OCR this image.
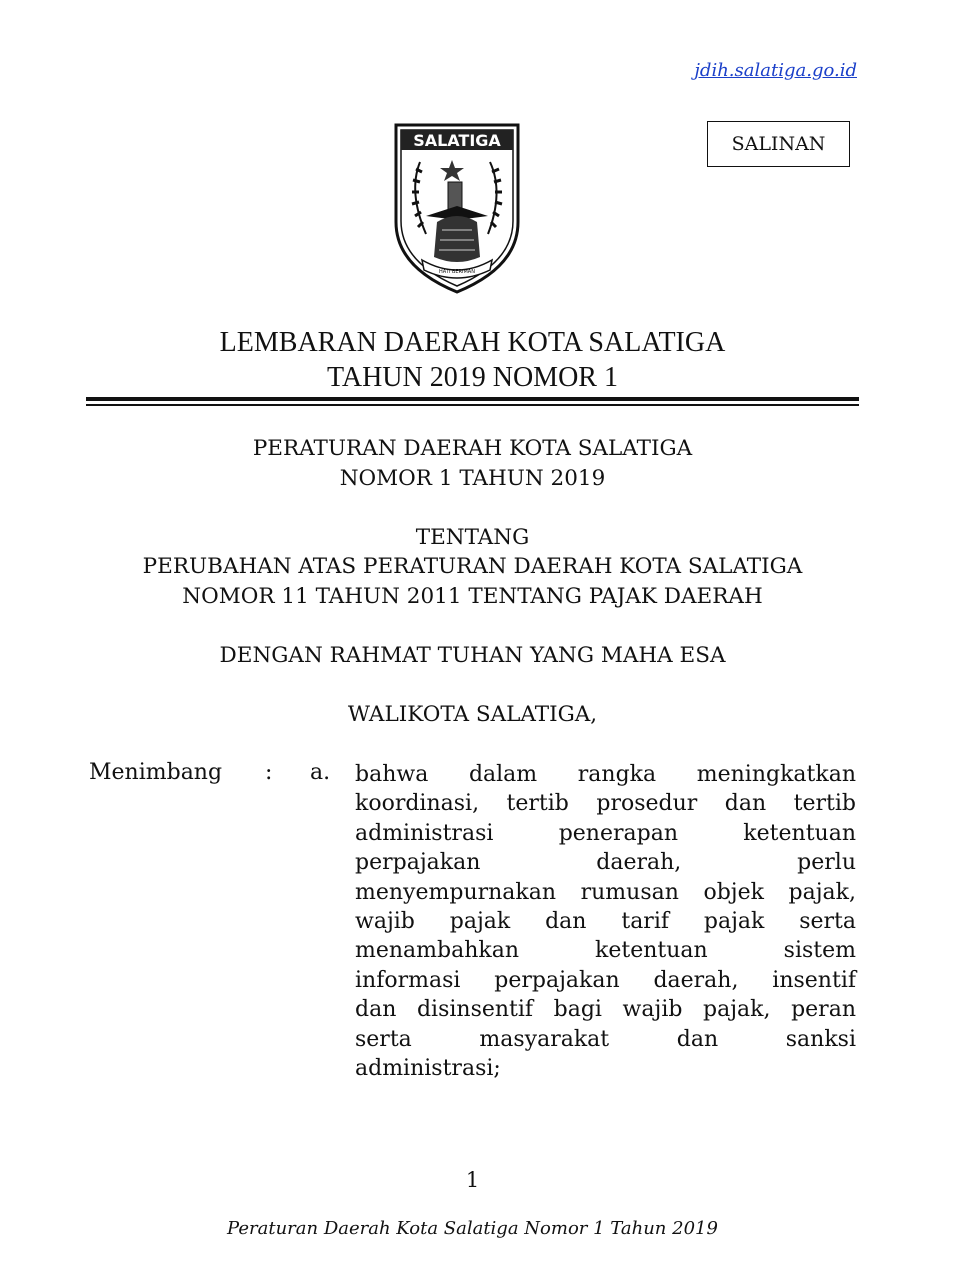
jdih.salatiga.go.id
SALINAN
SALATIGA
HATI BERIMAN
LEMBARAN DAERAH KOTA SALATIGA
TAHUN 2019 NOMOR 1
PERATURAN DAERAH KOTA SALATIGA
NOMOR 1 TAHUN 2019
TENTANG
PERUBAHAN ATAS PERATURAN DAERAH KOTA SALATIGA
NOMOR 11 TAHUN 2011 TENTANG PAJAK DAERAH
DENGAN RAHMAT TUHAN YANG MAHA ESA
WALIKOTA SALATIGA,
Menimbang : a. bahwa dalam rangka meningkatkan
koordinasi, tertib prosedur dan tertib
administrasi penerapan ketentuan
perpajakan daerah, perlu
menyempurnakan rumusan objek pajak,
wajib pajak dan tarif pajak serta
menambahkan ketentuan sistem
informasi perpajakan daerah, insentif
dan disinsentif bagi wajib pajak, peran
serta masyarakat dan sanksi
administrasi;
1
Peraturan Daerah Kota Salatiga Nomor 1 Tahun 2019
